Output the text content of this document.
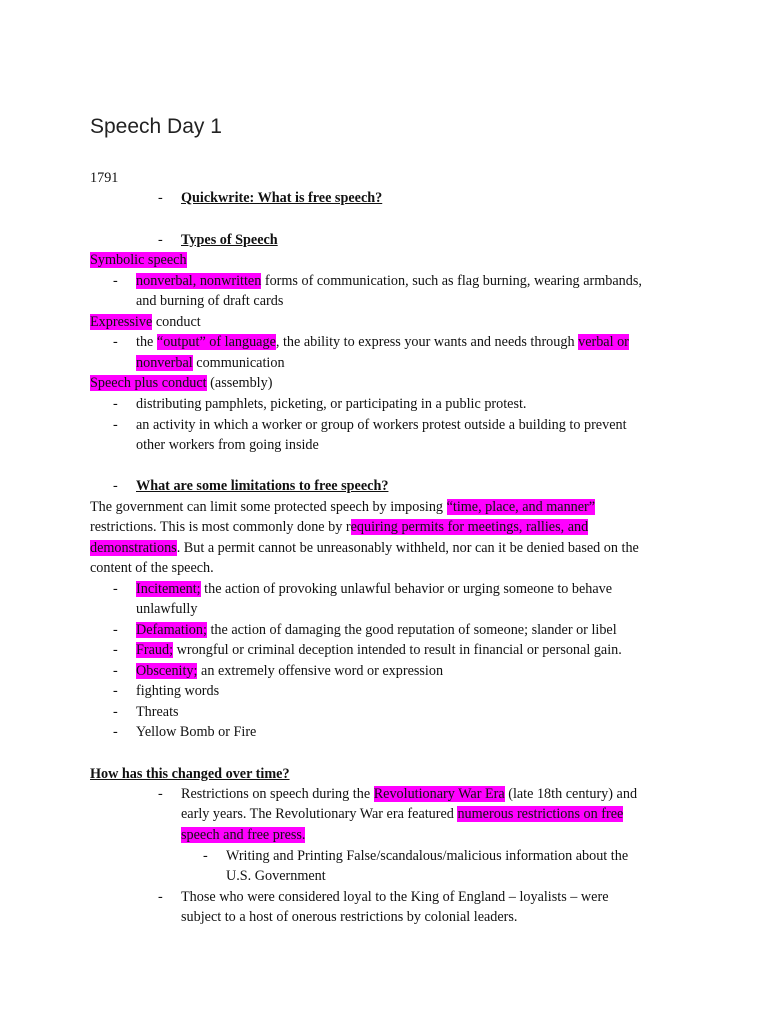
Speech Day 1
1791
- Quickwrite: What is free speech?
- Types of Speech
Symbolic speech
- nonverbal, nonwritten forms of communication, such as flag burning, wearing armbands,
and burning of draft cards
Expressive conduct
- the “output” of language, the ability to express your wants and needs through verbal or
nonverbal communication
Speech plus conduct (assembly)
- distributing pamphlets, picketing, or participating in a public protest.
- an activity in which a worker or group of workers protest outside a building to prevent
other workers from going inside
- What are some limitations to free speech?
The government can limit some protected speech by imposing “time, place, and manner”
restrictions. This is most commonly done by requiring permits for meetings, rallies, and
demonstrations. But a permit cannot be unreasonably withheld, nor can it be denied based on the
content of the speech.
- Incitement; the action of provoking unlawful behavior or urging someone to behave
unlawfully
- Defamation; the action of damaging the good reputation of someone; slander or libel
- Fraud; wrongful or criminal deception intended to result in financial or personal gain.
- Obscenity; an extremely offensive word or expression
- fighting words
- Threats
- Yellow Bomb or Fire
How has this changed over time?
- Restrictions on speech during the Revolutionary War Era (late 18th century) and
early years. The Revolutionary War era featured numerous restrictions on free
speech and free press.
- Writing and Printing False/scandalous/malicious information about the
U.S. Government
- Those who were considered loyal to the King of England – loyalists – were
subject to a host of onerous restrictions by colonial leaders.
